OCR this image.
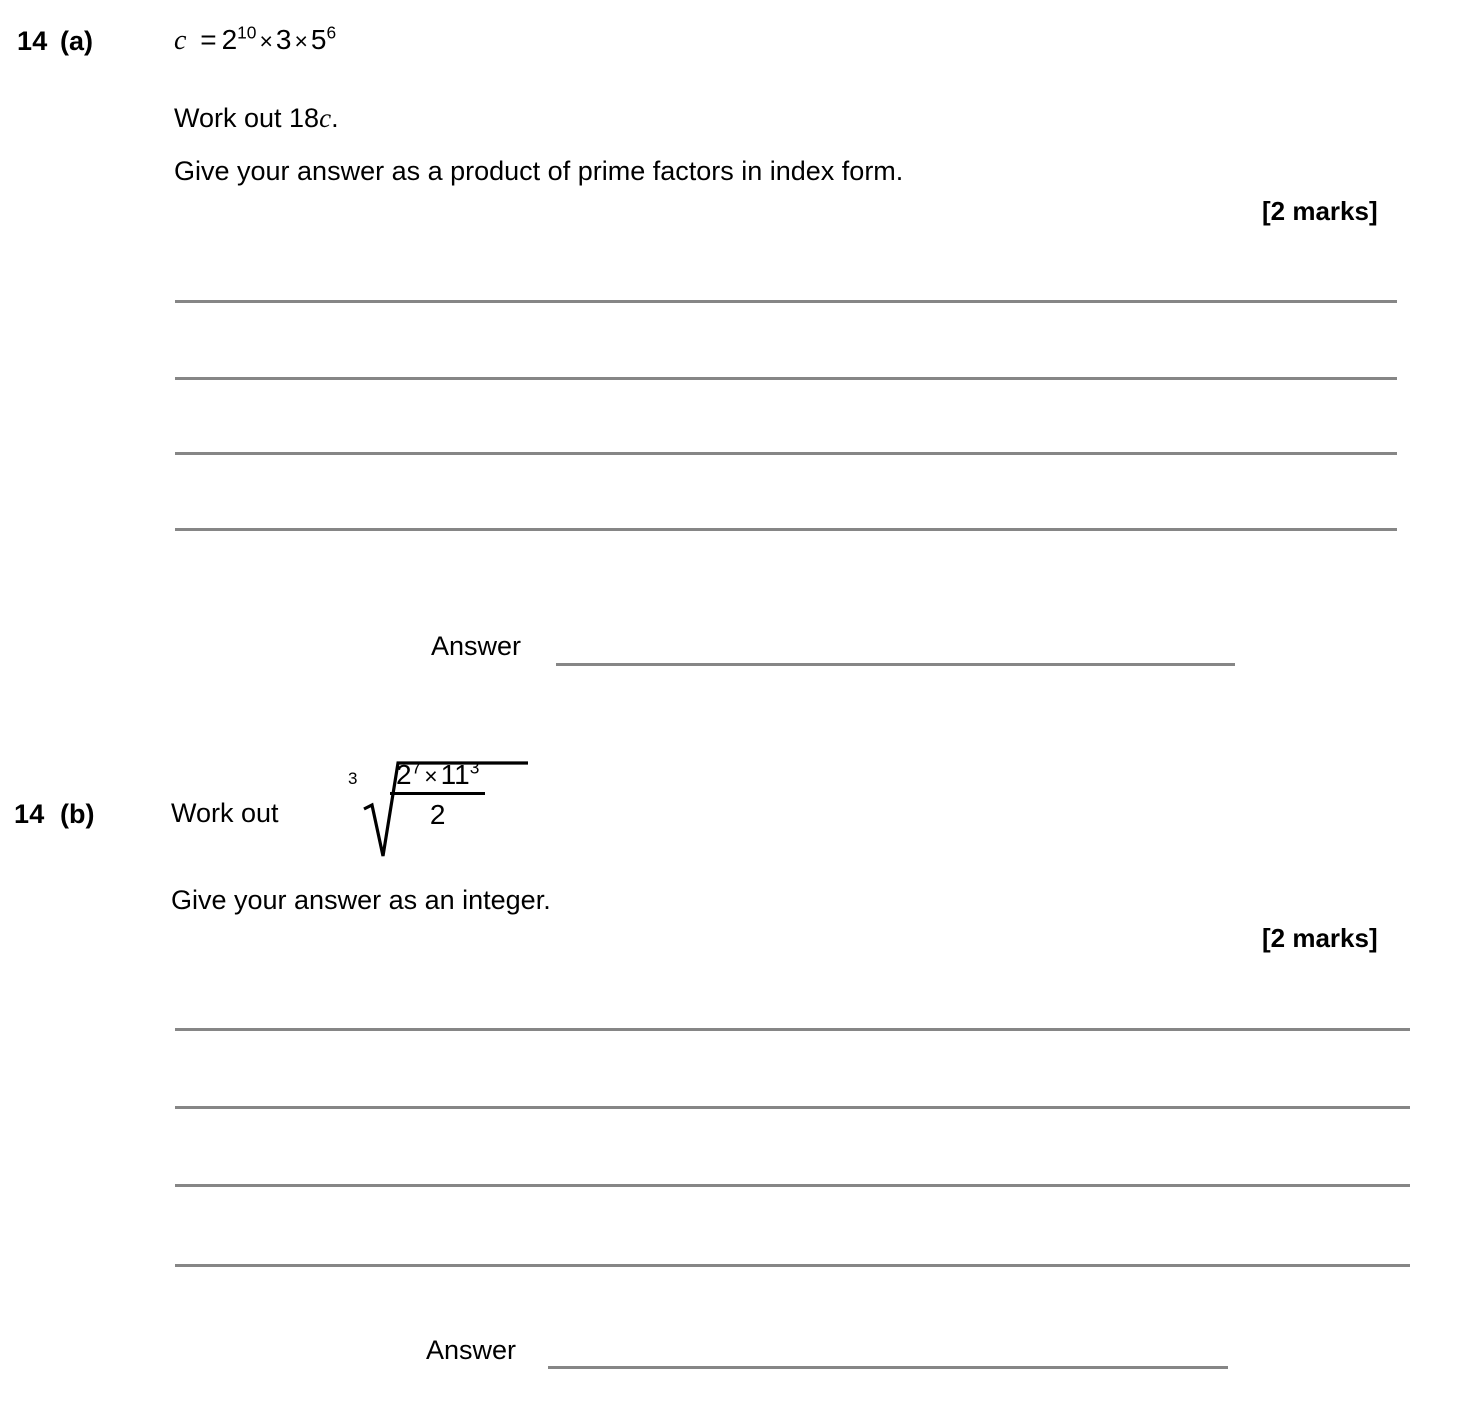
14 (a)	$c = 2^{10} \times 3 \times 5^6$
Work out 18c.
Give your answer as a product of prime factors in index form.
[2 marks]
Answer
14 (b)	Work out
$3 \frac{2^7 \times 11^3}{2}$
Give your answer as an integer.
[2 marks]
Answer
